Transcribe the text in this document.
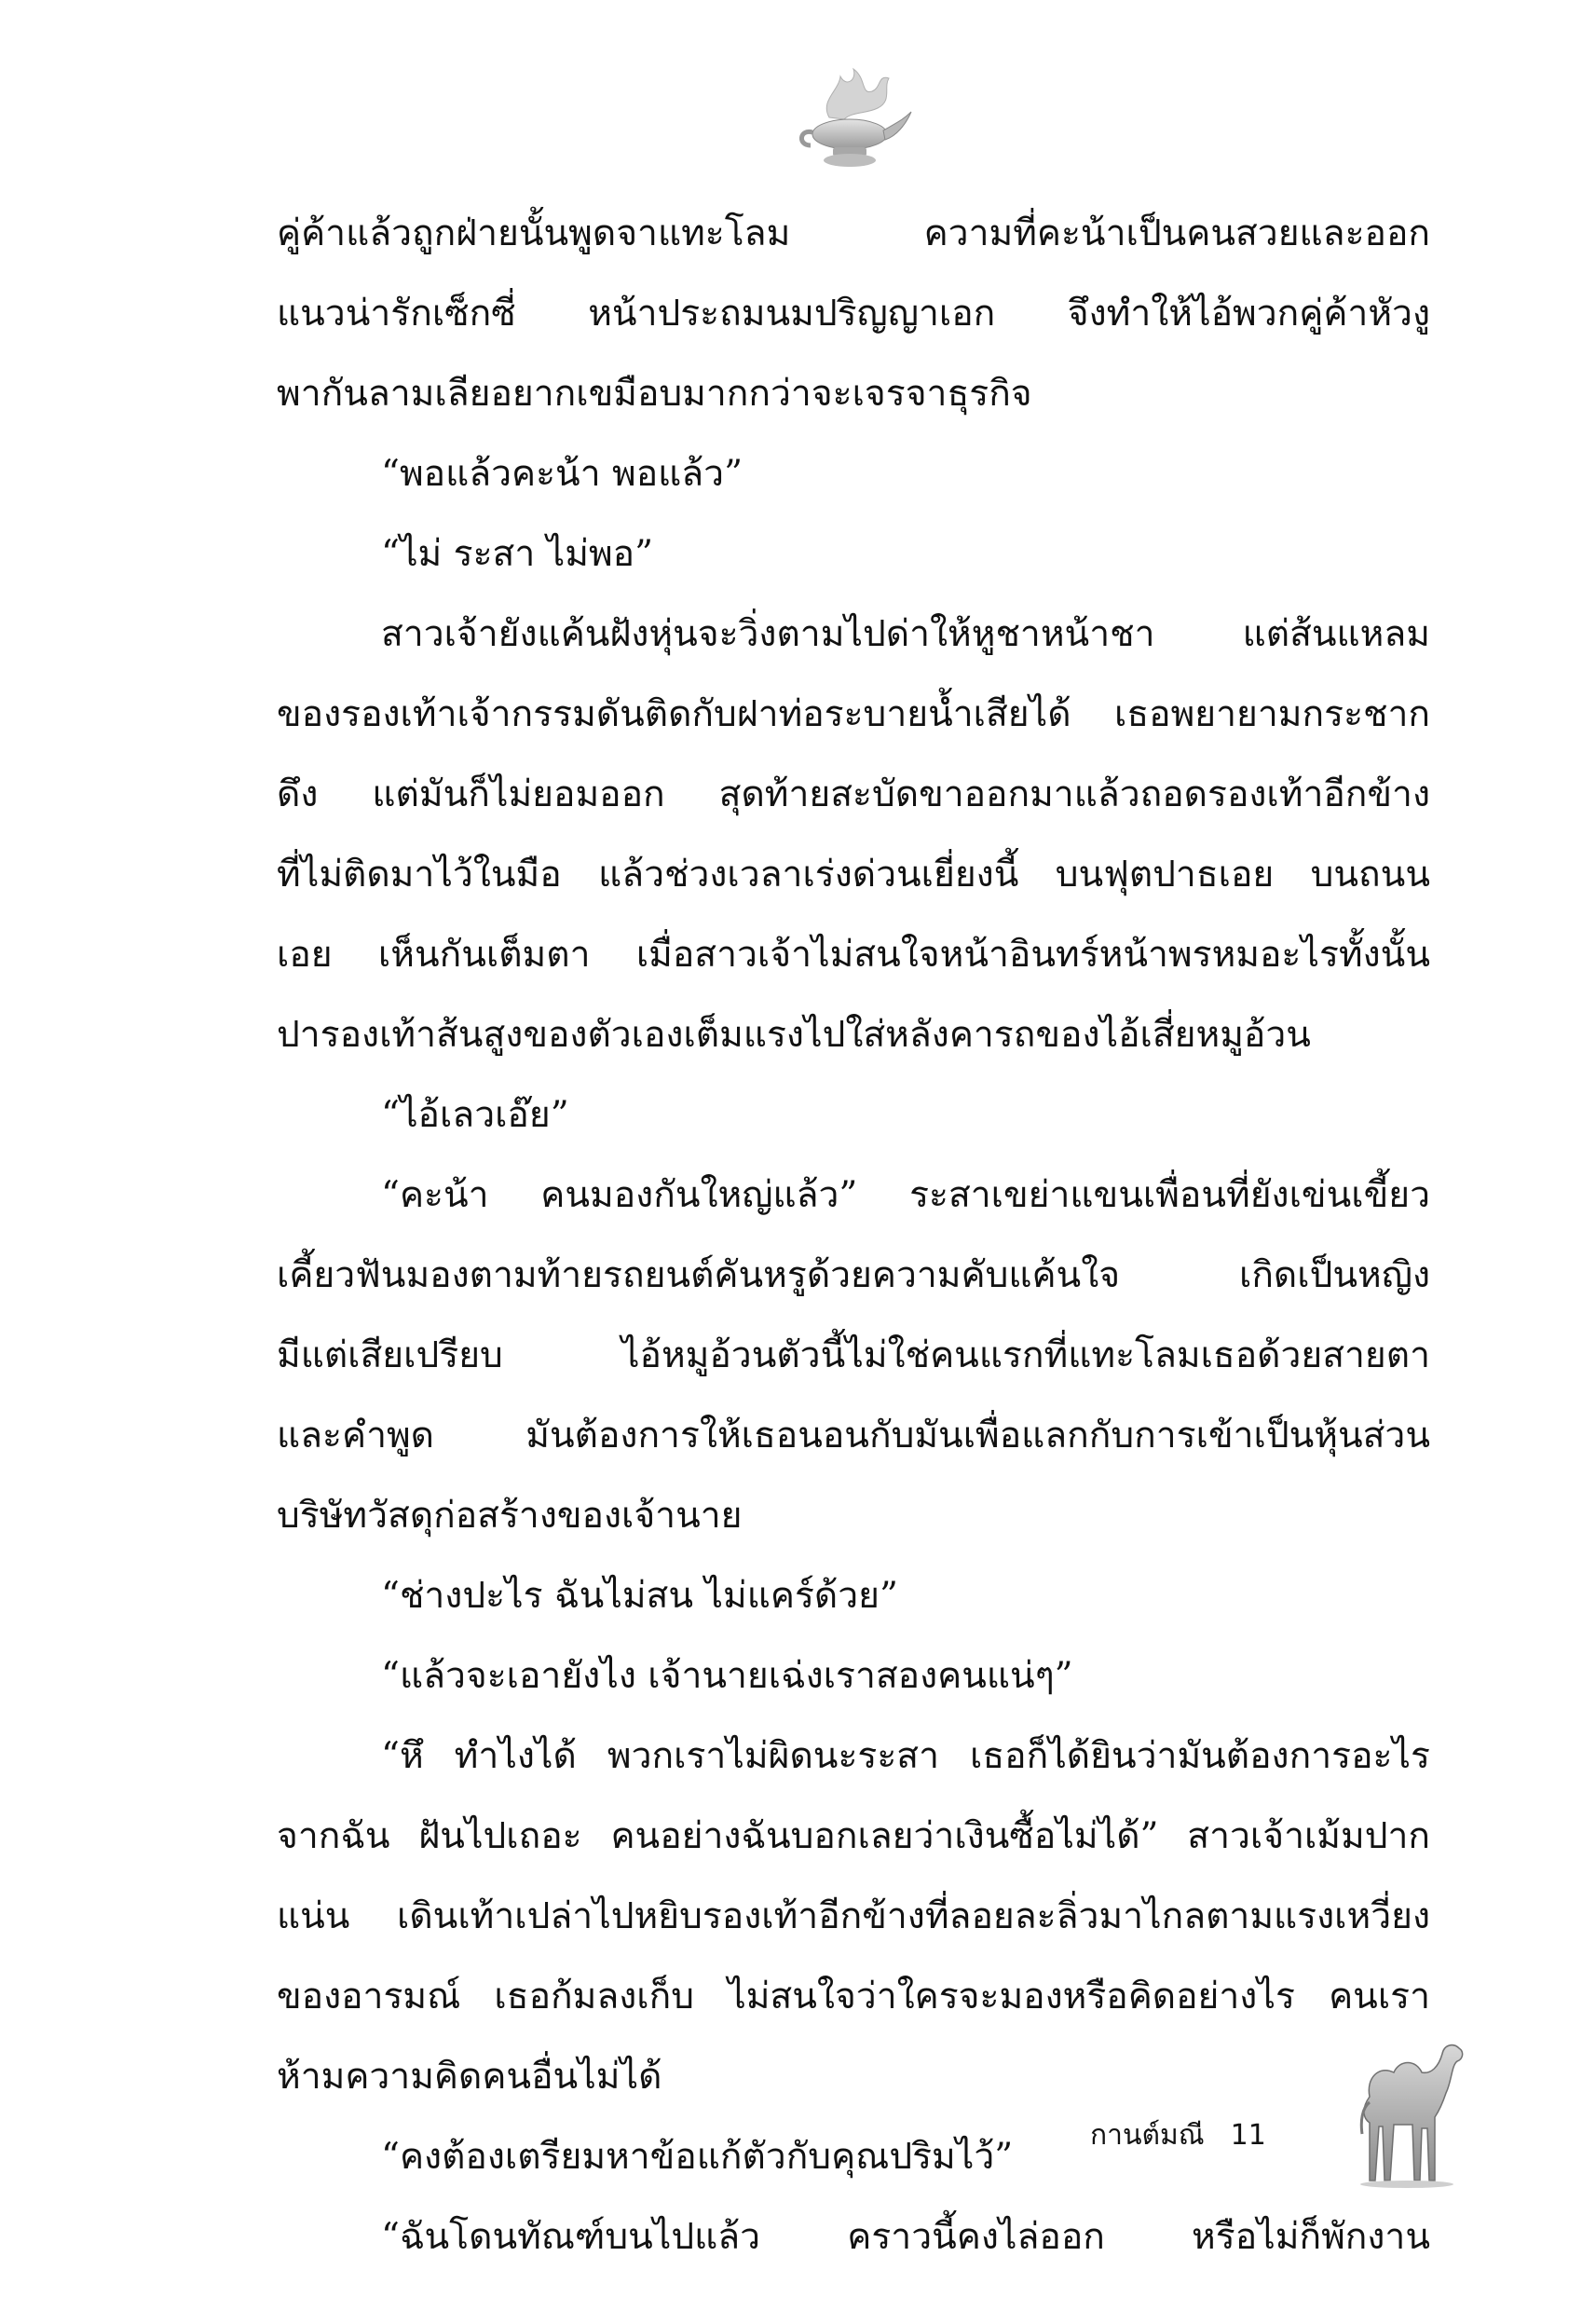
คู่ค้าแล้วถูกฝ่ายนั้นพูดจาแทะโลม ความที่คะน้าเป็นคนสวยและออก
แนวน่ารักเซ็กซี่ หน้าประถมนมปริญญาเอก จึงทำให้ไอ้พวกคู่ค้าหัวงู
พากันลามเลียอยากเขมือบมากกว่าจะเจรจาธุรกิจ
“พอแล้วคะน้า พอแล้ว”
“ไม่ ระสา ไม่พอ”
สาวเจ้ายังแค้นฝังหุ่นจะวิ่งตามไปด่าให้หูชาหน้าชา แต่ส้นแหลม
ของรองเท้าเจ้ากรรมดันติดกับฝาท่อระบายน้ำเสียได้ เธอพยายามกระชาก
ดึง แต่มันก็ไม่ยอมออก สุดท้ายสะบัดขาออกมาแล้วถอดรองเท้าอีกข้าง
ที่ไม่ติดมาไว้ในมือ แล้วช่วงเวลาเร่งด่วนเยี่ยงนี้ บนฟุตปาธเอย บนถนน
เอย เห็นกันเต็มตา เมื่อสาวเจ้าไม่สนใจหน้าอินทร์หน้าพรหมอะไรทั้งนั้น
ปารองเท้าส้นสูงของตัวเองเต็มแรงไปใส่หลังคารถของไอ้เสี่ยหมูอ้วน
“ไอ้เลวเอ๊ย”
“คะน้า คนมองกันใหญ่แล้ว” ระสาเขย่าแขนเพื่อนที่ยังเข่นเขี้ยว
เคี้ยวฟันมองตามท้ายรถยนต์คันหรูด้วยความคับแค้นใจ เกิดเป็นหญิง
มีแต่เสียเปรียบ ไอ้หมูอ้วนตัวนี้ไม่ใช่คนแรกที่แทะโลมเธอด้วยสายตา
และคำพูด มันต้องการให้เธอนอนกับมันเพื่อแลกกับการเข้าเป็นหุ้นส่วน
บริษัทวัสดุก่อสร้างของเจ้านาย
“ช่างปะไร ฉันไม่สน ไม่แคร์ด้วย”
“แล้วจะเอายังไง เจ้านายเฉ่งเราสองคนแน่ๆ”
“หึ ทำไงได้ พวกเราไม่ผิดนะระสา เธอก็ได้ยินว่ามันต้องการอะไร
จากฉัน ฝันไปเถอะ คนอย่างฉันบอกเลยว่าเงินซื้อไม่ได้” สาวเจ้าเม้มปาก
แน่น เดินเท้าเปล่าไปหยิบรองเท้าอีกข้างที่ลอยละลิ่วมาไกลตามแรงเหวี่ยง
ของอารมณ์ เธอก้มลงเก็บ ไม่สนใจว่าใครจะมองหรือคิดอย่างไร คนเรา
ห้ามความคิดคนอื่นไม่ได้
“คงต้องเตรียมหาข้อแก้ตัวกับคุณปริมไว้”
“ฉันโดนทัณฑ์บนไปแล้ว คราวนี้คงไล่ออก หรือไม่ก็พักงาน
กานต์มณี 11
